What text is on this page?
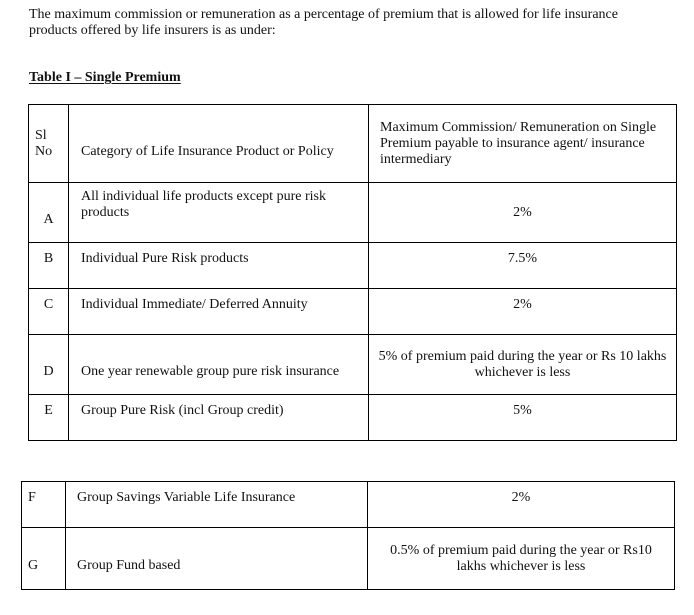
The maximum commission or remuneration as a percentage of premium that is allowed for life insurance products offered by life insurers is as under:

Table I – Single Premium

Sl No	Category of Life Insurance Product or Policy	Maximum Commission/ Remuneration on Single Premium payable to insurance agent/ insurance intermediary
A	All individual life products except pure risk products	2%
B	Individual Pure Risk products	7.5%
C	Individual Immediate/ Deferred Annuity	2%
D	One year renewable group pure risk insurance	5% of premium paid during the year or Rs 10 lakhs whichever is less
E	Group Pure Risk (incl Group credit)	5%
F	Group Savings Variable Life Insurance	2%
G	Group Fund based	0.5% of premium paid during the year or Rs10 lakhs whichever is less
